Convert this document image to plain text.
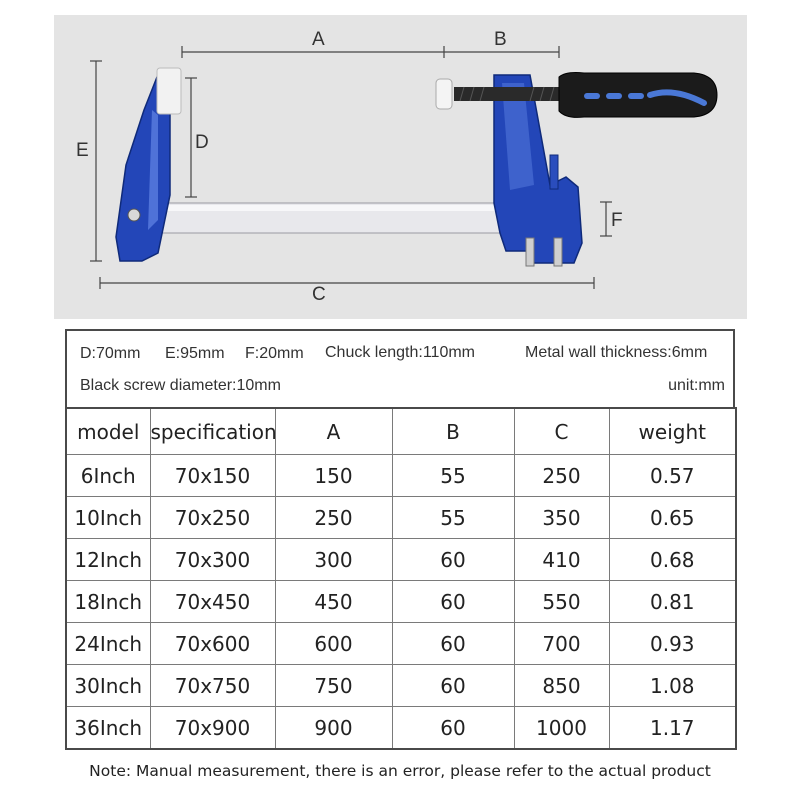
A	B
E	D
C
F
D:70mm E:95mm F:20mm Chuck length:110mm	Metal wall thickness:6mm
Black screw diameter:10mm	unit:mm
model	specification	A	B	C	weight
6Inch	70x150	150	55	250	0.57
10Inch	70x250	250	55	350	0.65
12Inch	70x300	300	60	410	0.68
18Inch	70x450	450	60	550	0.81
24Inch	70x600	600	60	700	0.93
30Inch	70x750	750	60	850	1.08
36Inch	70x900	900	60	1000	1.17
Note: Manual measurement, there is an error, please refer to the actual product
